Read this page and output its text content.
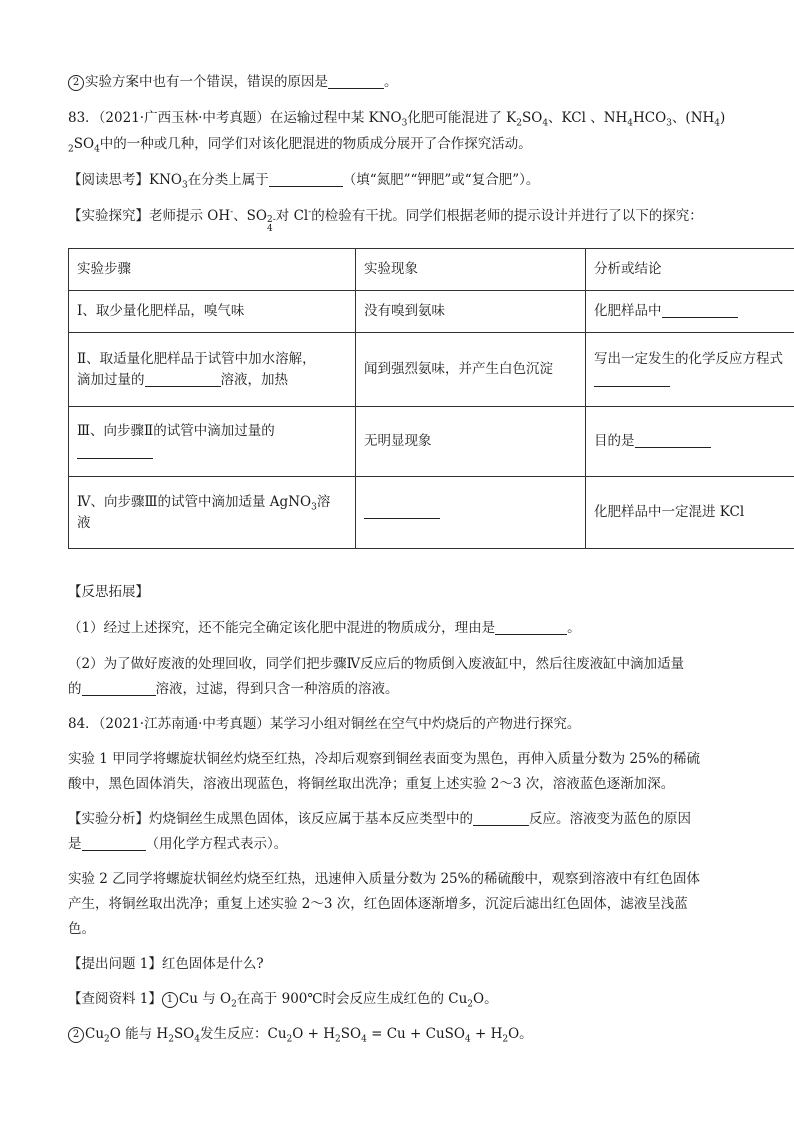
2 实验方案中也有一个错误，错误的原因是	。
83．（2021·广西玉林·中考真题）在运输过程中某 $KNO_3$化肥可能混进了 $K_2SO_4$、KCl 、$NH_4HCO_3$、$(NH_4)$
$_2SO_4$中的一种或几种，同学们对该化肥混进的物质成分展开了合作探究活动。
【阅读思考】$KNO_3$在分类上属于	（填“氮肥”“钾肥”或“复合肥”）。
【实验探究】老师提示 OH-、SO 2-
4
对 Cl-的检验有干扰。同学们根据老师的提示设计并进行了以下的探究：
实验步骤	实验现象	分析或结论
Ⅰ、取少量化肥样品，嗅气味	没有嗅到氨味	化肥样品中
Ⅱ、取适量化肥样品于试管中加水溶解，
滴加过量的 溶液，加热	闻到强烈氨味，并产生白色沉淀	写出一定发生的化学反应方程式

Ⅲ、向步骤Ⅱ的试管中滴加过量的	无明显现象	目的是
Ⅳ、向步骤Ⅲ的试管中滴加适量 AgNO$_3$溶
液		化肥样品中一定混进 KCl
【反思拓展】
（1）经过上述探究，还不能完全确定该化肥中混进的物质成分，理由是	。
（2）为了做好废液的处理回收，同学们把步骤Ⅳ反应后的物质倒入废液缸中，然后往废液缸中滴加适量
的	溶液，过滤，得到只含一种溶质的溶液。
84．（2021·江苏南通·中考真题）某学习小组对铜丝在空气中灼烧后的产物进行探究。
实验 1 甲同学将螺旋状铜丝灼烧至红热，冷却后观察到铜丝表面变为黑色，再伸入质量分数为 25%的稀硫
酸中，黑色固体消失，溶液出现蓝色，将铜丝取出洗净；重复上述实验 2～3 次，溶液蓝色逐渐加深。
【实验分析】灼烧铜丝生成黑色固体，该反应属于基本反应类型中的	反应。溶液变为蓝色的原因
是	（用化学方程式表示）。
实验 2 乙同学将螺旋状铜丝灼烧至红热，迅速伸入质量分数为 25%的稀硫酸中，观察到溶液中有红色固体
产生，将铜丝取出洗净；重复上述实验 2～3 次，红色固体逐渐增多，沉淀后滤出红色固体，滤液呈浅蓝
色。
【提出问题 1】红色固体是什么?
【查阅资料 1】 1 Cu 与 $O_2$在高于 900℃时会反应生成红色的 $Cu_2O$。
2 $Cu_2O$ 能与 $H_2SO_4$发生反应：$Cu_2O + H_2SO_4 = Cu$ + CuSO$_4$ + $H_2O$。
